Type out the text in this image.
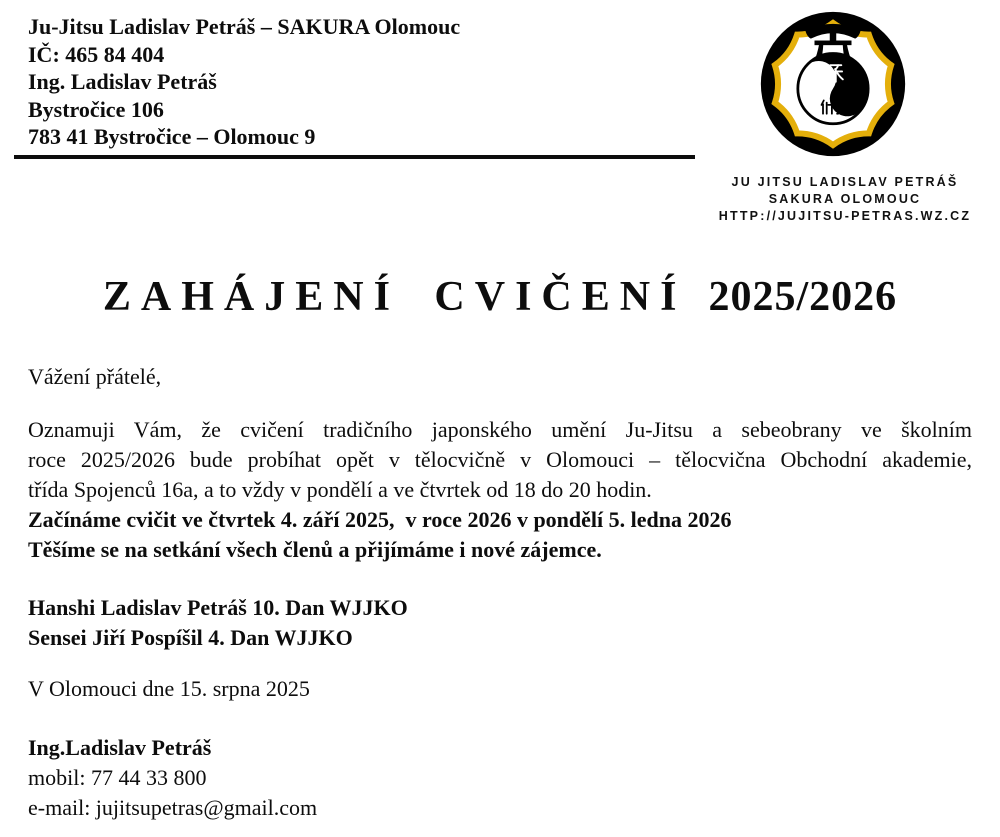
Ju-Jitsu Ladislav Petráš – SAKURA Olomouc
IČ: 465 84 404
Ing. Ladislav Petráš
Bystročice 106
783 41 Bystročice – Olomouc 9
JU JITSU LADISLAV PETRÁŠ
SAKURA OLOMOUC
HTTP://JUJITSU-PETRAS.WZ.CZ
ZAHÁJENÍ CVIČENÍ 2025/2026
Vážení přátelé,
Oznamuji Vám, že cvičení tradičního japonského umění Ju-Jitsu a sebeobrany ve školním
roce 2025/2026 bude probíhat opět v tělocvičně v Olomouci – tělocvična Obchodní akademie,
třída Spojenců 16a, a to vždy v pondělí a ve čtvrtek od 18 do 20 hodin.
Začínáme cvičit ve čtvrtek 4. září 2025,  v roce 2026 v pondělí 5. ledna 2026
Těšíme se na setkání všech členů a přijímáme i nové zájemce.
Hanshi Ladislav Petráš 10. Dan WJJKO
Sensei Jiří Pospíšil 4. Dan WJJKO
V Olomouci dne 15. srpna 2025
Ing.Ladislav Petráš
mobil: 77 44 33 800
e-mail: jujitsupetras@gmail.com
